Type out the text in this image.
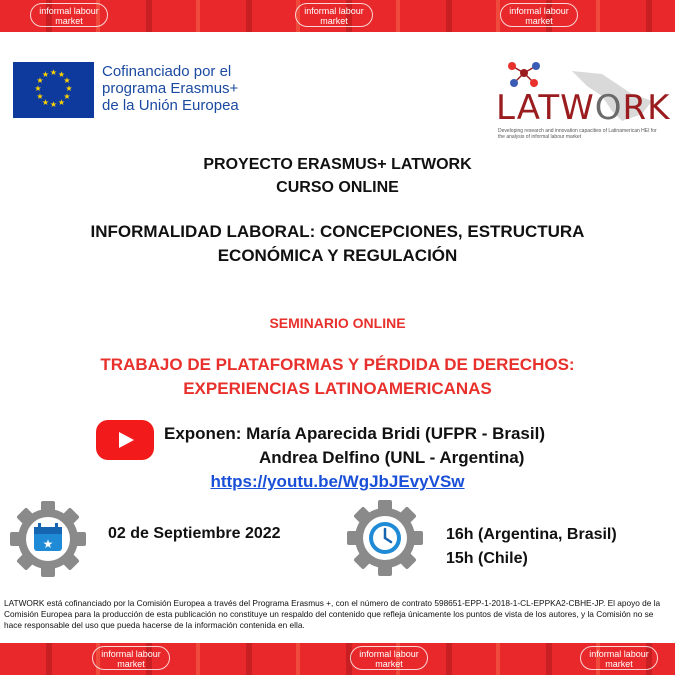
informal labour market
informal labour market
informal labour market
★ ★
★
★
★
★
★
★
★
★
★
★	Cofinanciado por el
programa Erasmus+
de la Unión Europea	LATWORK
Developing research and innovation capacities of Latinamerican HEI for the analysis of informal labour market
PROYECTO ERASMUS+ LATWORK
CURSO ONLINE
INFORMALIDAD LABORAL: CONCEPCIONES, ESTRUCTURA
ECONÓMICA Y REGULACIÓN
SEMINARIO ONLINE
TRABAJO DE PLATAFORMAS Y PÉRDIDA DE DERECHOS:
EXPERIENCIAS LATINOAMERICANAS
Exponen: María Aparecida Bridi (UFPR - Brasil)
Andrea Delfino (UNL - Argentina)
https://youtu.be/WgJbJEvyVSw
★
02 de Septiembre 2022	16h (Argentina, Brasil)
15h (Chile)
LATWORK está cofinanciado por la Comisión Europea a través del Programa Erasmus +, con el número de contrato 598651-EPP-1-2018-1-CL-EPPKA2-CBHE-JP. El apoyo de la Comisión Europea para la producción de esta publicación no constituye un respaldo del contenido que refleja únicamente los puntos de vista de los autores, y la Comisión no se hace responsable del uso que pueda hacerse de la información contenida en ella.
informal labour market
informal labour market
informal labour market
